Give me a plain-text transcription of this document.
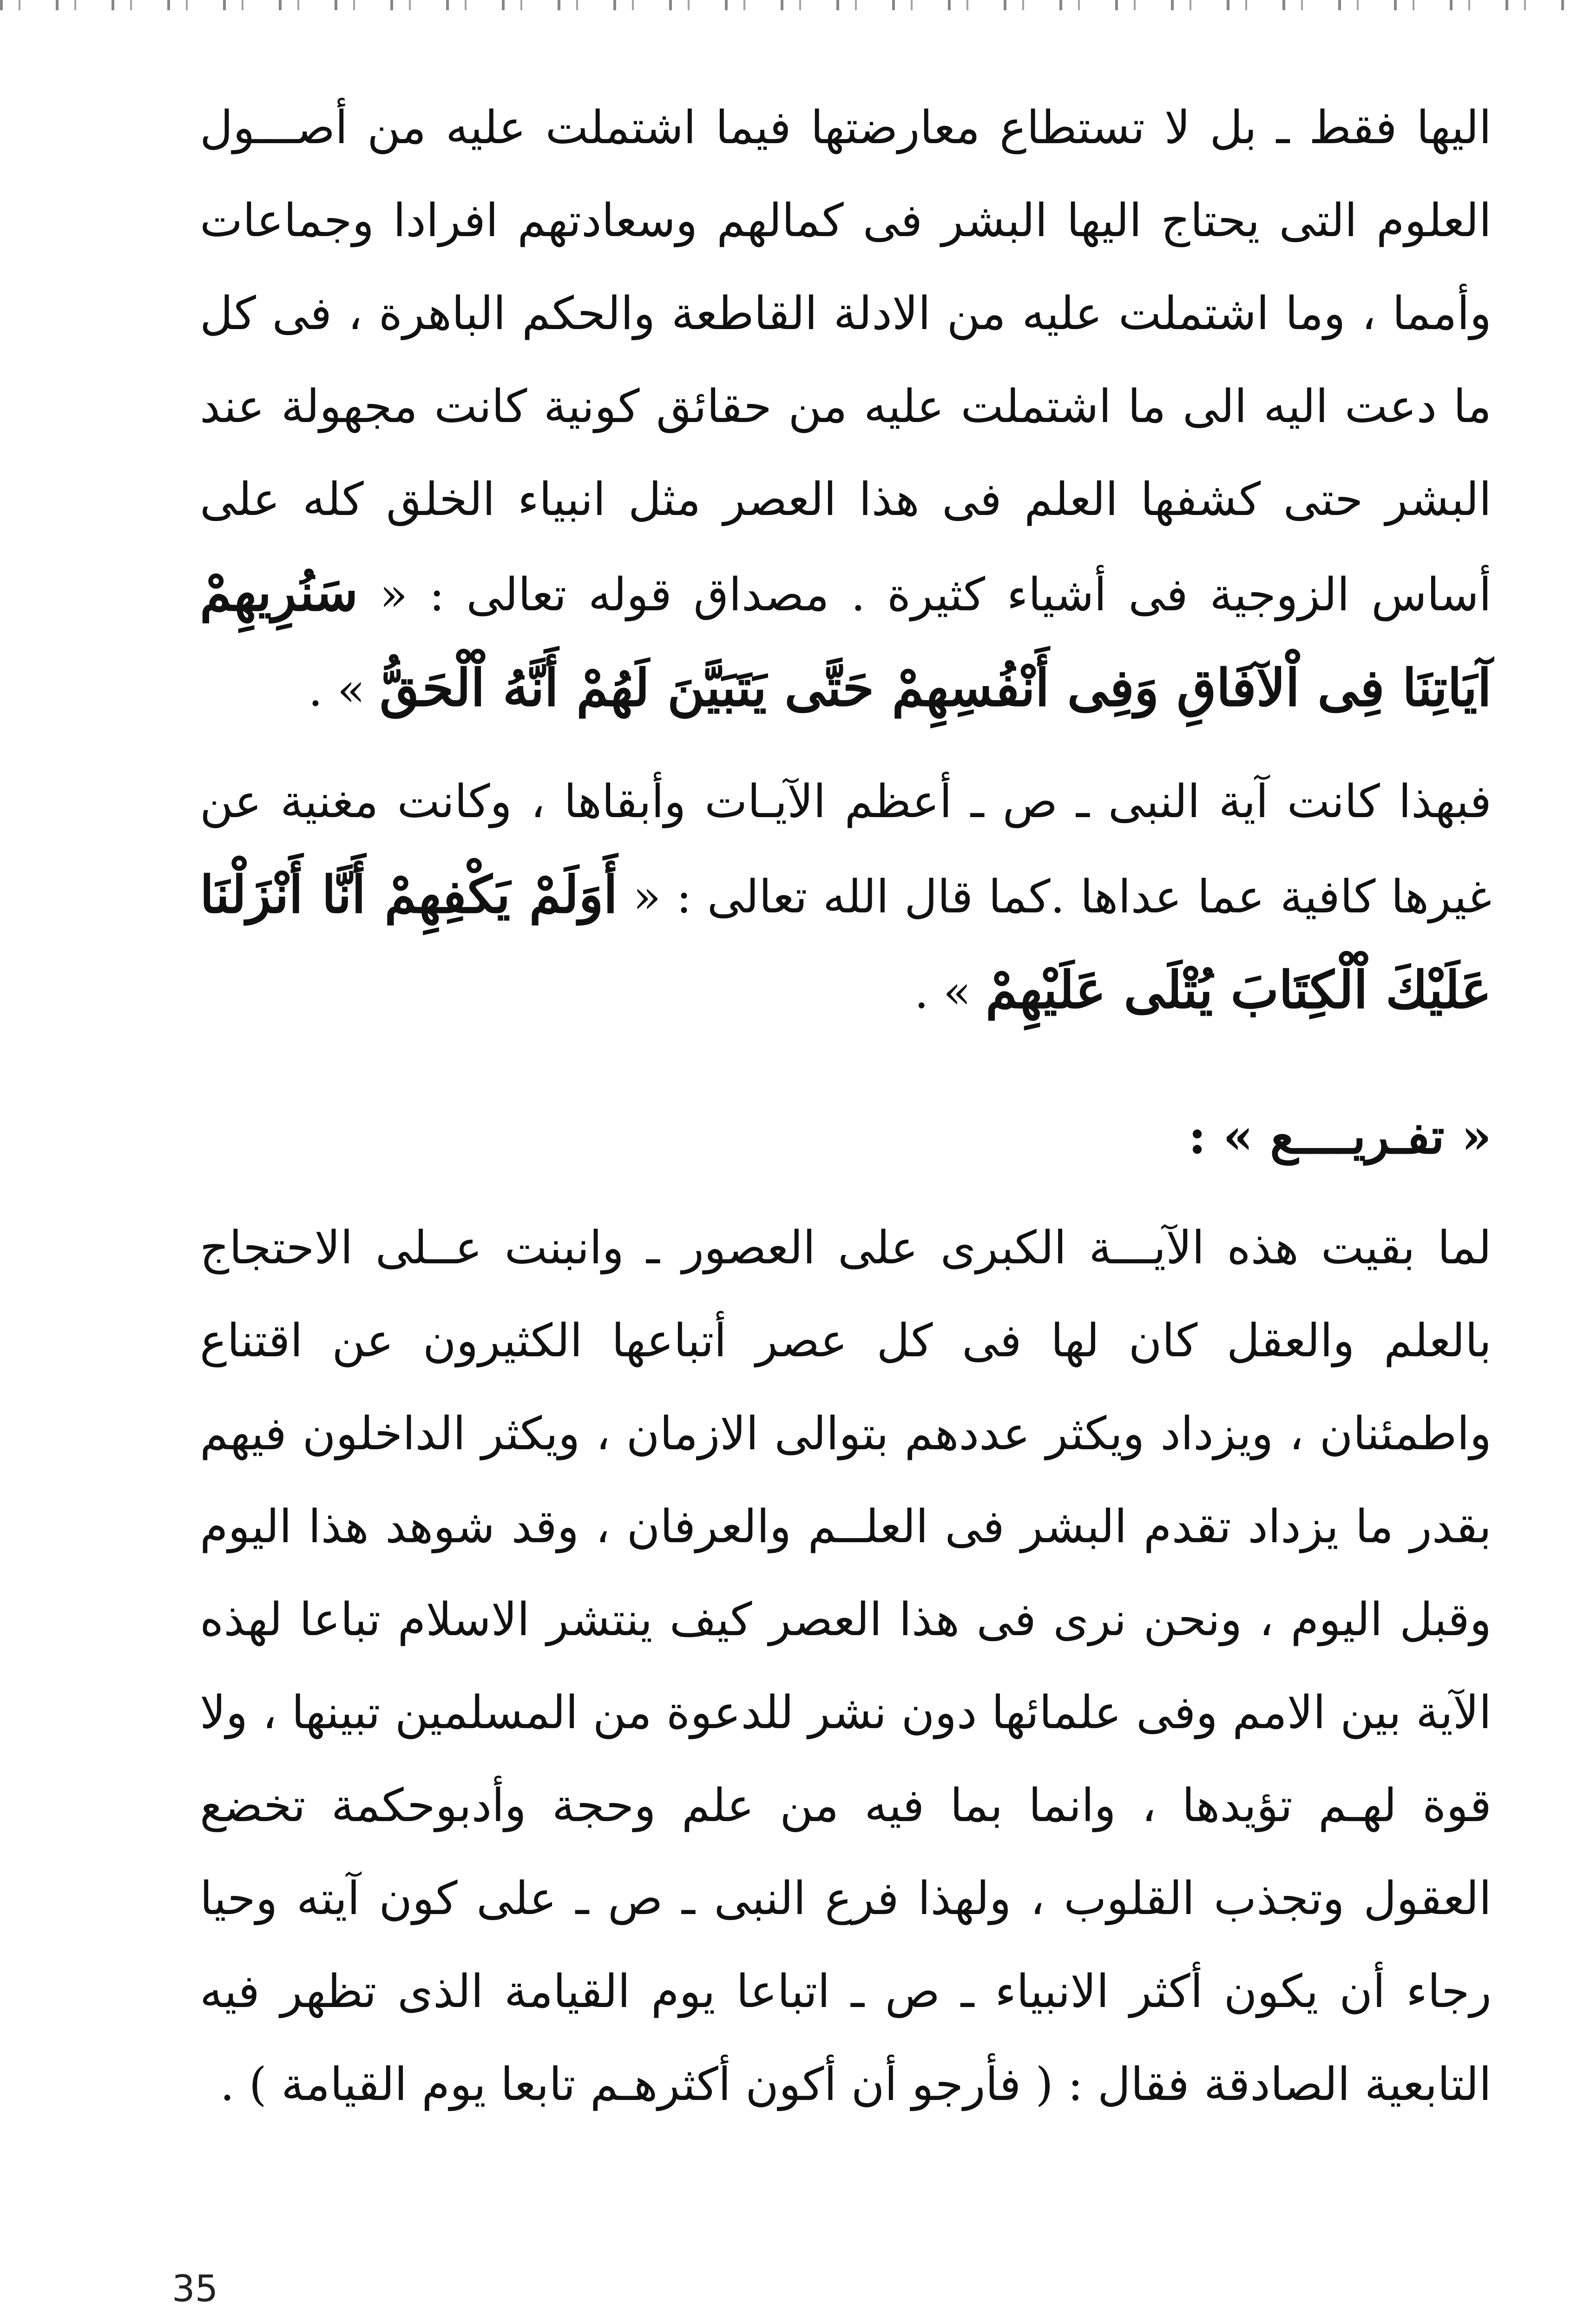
اليها فقط ـ بل لا تستطاع معارضتها فيما اشتملت عليه من أصـــول العلوم التى يحتاج اليها البشر فى كمالهم وسعادتهم افرادا وجماعات وأمما ، وما اشتملت عليه من الادلة القاطعة والحكم الباهرة ، فى كل ما دعت اليه الى ما اشتملت عليه من حقائق كونية كانت مجهولة عند البشر حتى كشفها العلم فى هذا العصر مثل انبياء الخلق كله على أساس الزوجية فى أشياء كثيرة . مصداق قوله تعالى : « سَنُرِيهِمْ آيَاتِنَا فِى اْلآفَاقِ وَفِى أَنْفُسِهِمْ حَتَّى يَتَبَيَّنَ لَهُمْ أَنَّهُ اْلْحَقُّ » .

فبهذا كانت آية النبى ـ ص ـ أعظم الآيـات وأبقاها ، وكانت مغنية عن غيرها كافية عما عداها .كما قال الله تعالى : « أَوَلَمْ يَكْفِهِمْ أَنَّا أَنْزَلْنَا عَلَيْكَ اْلْكِتَابَ يُتْلَى عَلَيْهِمْ » .

« تفـريــــع » :

لما بقيت هذه الآيـــة الكبرى على العصور ـ وانبنت عــلى الاحتجاج بالعلم والعقل كان لها فى كل عصر أتباعها الكثيرون عن اقتناع واطمئنان ، ويزداد ويكثر عددهم بتوالى الازمان ، ويكثر الداخلون فيهم بقدر ما يزداد تقدم البشر فى العلــم والعرفان ، وقد شوهد هذا اليوم وقبل اليوم ، ونحن نرى فى هذا العصر كيف ينتشر الاسلام تباعا لهذه الآية بين الامم وفى علمائها دون نشر للدعوة من المسلمين تبينها ، ولا قوة لهـم تؤيدها ، وانما بما فيه من علم وحجة وأدبوحكمة تخضع العقول وتجذب القلوب ، ولهذا فرع النبى ـ ص ـ على كون آيته وحيا رجاء أن يكون أكثر الانبياء ـ ص ـ اتباعا يوم القيامة الذى تظهر فيه التابعية الصادقة فقال : ( فأرجو أن أكون أكثرهـم تابعا يوم القيامة ) .

35
